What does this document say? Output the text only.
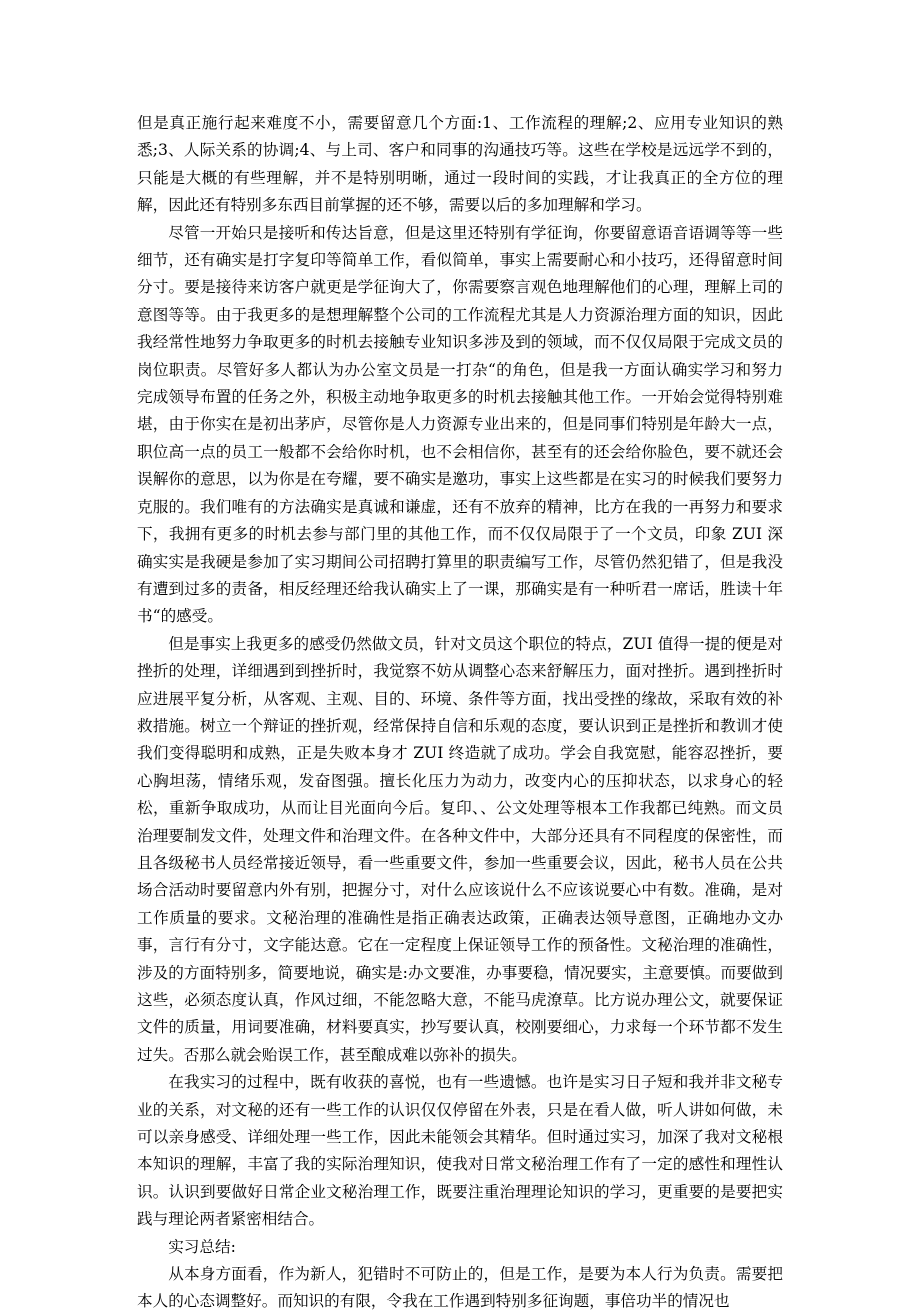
但是真正施行起来难度不小，需要留意几个方面:1、工作流程的理解;2、应用专业知识的熟悉;3、人际关系的协调;4、与上司、客户和同事的沟通技巧等。这些在学校是远远学不到的，只能是大概的有些理解，并不是特别明晰，通过一段时间的实践，才让我真正的全方位的理解，因此还有特别多东西目前掌握的还不够，需要以后的多加理解和学习。

尽管一开始只是接听和传达旨意，但是这里还特别有学征询，你要留意语音语调等等一些细节，还有确实是打字复印等简单工作，看似简单，事实上需要耐心和小技巧，还得留意时间分寸。要是接待来访客户就更是学征询大了，你需要察言观色地理解他们的心理，理解上司的意图等等。由于我更多的是想理解整个公司的工作流程尤其是人力资源治理方面的知识，因此我经常性地努力争取更多的时机去接触专业知识多涉及到的领域，而不仅仅局限于完成文员的岗位职责。尽管好多人都认为办公室文员是一打杂“的角色，但是我一方面认确实学习和努力完成领导布置的任务之外，积极主动地争取更多的时机去接触其他工作。一开始会觉得特别难堪，由于你实在是初出茅庐，尽管你是人力资源专业出来的，但是同事们特别是年龄大一点，职位高一点的员工一般都不会给你时机，也不会相信你，甚至有的还会给你脸色，要不就还会误解你的意思，以为你是在夸耀，要不确实是邀功，事实上这些都是在实习的时候我们要努力克服的。我们唯有的方法确实是真诚和谦虚，还有不放弃的精神，比方在我的一再努力和要求下，我拥有更多的时机去参与部门里的其他工作，而不仅仅局限于了一个文员，印象 ZUI 深确实实是我硬是参加了实习期间公司招聘打算里的职责编写工作，尽管仍然犯错了，但是我没有遭到过多的责备，相反经理还给我认确实上了一课，那确实是有一种听君一席话，胜读十年书“的感受。

但是事实上我更多的感受仍然做文员，针对文员这个职位的特点，ZUI 值得一提的便是对挫折的处理，详细遇到到挫折时，我觉察不妨从调整心态来舒解压力，面对挫折。遇到挫折时应进展平复分析，从客观、主观、目的、环境、条件等方面，找出受挫的缘故，采取有效的补救措施。树立一个辩证的挫折观，经常保持自信和乐观的态度，要认识到正是挫折和教训才使我们变得聪明和成熟，正是失败本身才 ZUI 终造就了成功。学会自我宽慰，能容忍挫折，要心胸坦荡，情绪乐观，发奋图强。擅长化压力为动力，改变内心的压抑状态，以求身心的轻松，重新争取成功，从而让目光面向今后。复印、、公文处理等根本工作我都已纯熟。而文员治理要制发文件，处理文件和治理文件。在各种文件中，大部分还具有不同程度的保密性，而且各级秘书人员经常接近领导，看一些重要文件，参加一些重要会议，因此，秘书人员在公共场合活动时要留意内外有别，把握分寸，对什么应该说什么不应该说要心中有数。准确，是对工作质量的要求。文秘治理的准确性是指正确表达政策，正确表达领导意图，正确地办文办事，言行有分寸，文字能达意。它在一定程度上保证领导工作的预备性。文秘治理的准确性，涉及的方面特别多，简要地说，确实是:办文要准，办事要稳，情况要实，主意要慎。而要做到这些，必须态度认真，作风过细，不能忽略大意，不能马虎潦草。比方说办理公文，就要保证文件的质量，用词要准确，材料要真实，抄写要认真，校刚要细心，力求每一个环节都不发生过失。否那么就会贻误工作，甚至酿成难以弥补的损失。

在我实习的过程中，既有收获的喜悦，也有一些遗憾。也许是实习日子短和我并非文秘专业的关系，对文秘的还有一些工作的认识仅仅停留在外表，只是在看人做，听人讲如何做，未可以亲身感受、详细处理一些工作，因此未能领会其精华。但时通过实习，加深了我对文秘根本知识的理解，丰富了我的实际治理知识，使我对日常文秘治理工作有了一定的感性和理性认识。认识到要做好日常企业文秘治理工作，既要注重治理理论知识的学习，更重要的是要把实践与理论两者紧密相结合。

实习总结:

从本身方面看，作为新人，犯错时不可防止的，但是工作，是要为本人行为负责。需要把本人的心态调整好。而知识的有限，令我在工作遇到特别多征询题，事倍功半的情况也
